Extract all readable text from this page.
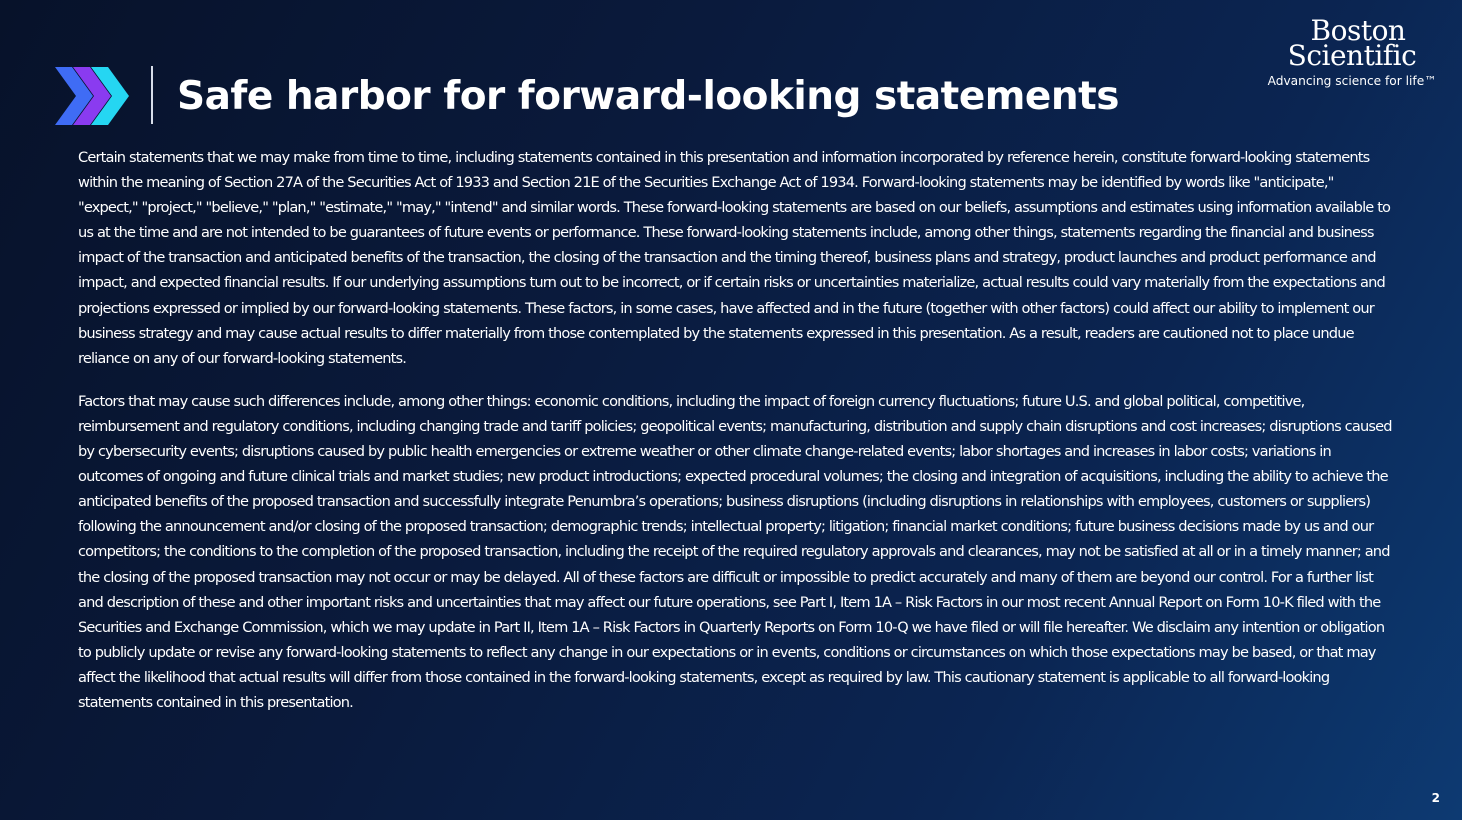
Safe harbor for forward-looking statements
Boston
Scientific
Advancing science for life™

Certain statements that we may make from time to time, including statements contained in this presentation and information incorporated by reference herein, constitute forward-looking statements within the meaning of Section 27A of the Securities Act of 1933 and Section 21E of the Securities Exchange Act of 1934. Forward-looking statements may be identified by words like "anticipate," "expect," "project," "believe," "plan," "estimate," "may," "intend" and similar words. These forward-looking statements are based on our beliefs, assumptions and estimates using information available to us at the time and are not intended to be guarantees of future events or performance. These forward-looking statements include, among other things, statements regarding the financial and business impact of the transaction and anticipated benefits of the transaction, the closing of the transaction and the timing thereof, business plans and strategy, product launches and product performance and impact, and expected financial results. If our underlying assumptions turn out to be incorrect, or if certain risks or uncertainties materialize, actual results could vary materially from the expectations and projections expressed or implied by our forward-looking statements. These factors, in some cases, have affected and in the future (together with other factors) could affect our ability to implement our business strategy and may cause actual results to differ materially from those contemplated by the statements expressed in this presentation. As a result, readers are cautioned not to place undue reliance on any of our forward-looking statements.

Factors that may cause such differences include, among other things: economic conditions, including the impact of foreign currency fluctuations; future U.S. and global political, competitive, reimbursement and regulatory conditions, including changing trade and tariff policies; geopolitical events; manufacturing, distribution and supply chain disruptions and cost increases; disruptions caused by cybersecurity events; disruptions caused by public health emergencies or extreme weather or other climate change-related events; labor shortages and increases in labor costs; variations in outcomes of ongoing and future clinical trials and market studies; new product introductions; expected procedural volumes; the closing and integration of acquisitions, including the ability to achieve the anticipated benefits of the proposed transaction and successfully integrate Penumbra’s operations; business disruptions (including disruptions in relationships with employees, customers or suppliers) following the announcement and/or closing of the proposed transaction; demographic trends; intellectual property; litigation; financial market conditions; future business decisions made by us and our competitors; the conditions to the completion of the proposed transaction, including the receipt of the required regulatory approvals and clearances, may not be satisfied at all or in a timely manner; and the closing of the proposed transaction may not occur or may be delayed. All of these factors are difficult or impossible to predict accurately and many of them are beyond our control. For a further list and description of these and other important risks and uncertainties that may affect our future operations, see Part I, Item 1A – Risk Factors in our most recent Annual Report on Form 10-K filed with the Securities and Exchange Commission, which we may update in Part II, Item 1A – Risk Factors in Quarterly Reports on Form 10-Q we have filed or will file hereafter. We disclaim any intention or obligation to publicly update or revise any forward-looking statements to reflect any change in our expectations or in events, conditions or circumstances on which those expectations may be based, or that may affect the likelihood that actual results will differ from those contained in the forward-looking statements, except as required by law. This cautionary statement is applicable to all forward-looking statements contained in this presentation.

2
